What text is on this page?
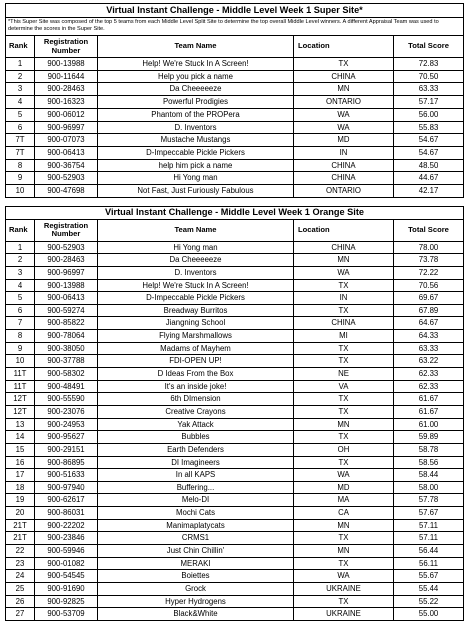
Virtual Instant Challenge - Middle Level Week 1 Super Site*				
*This Super Site was composed of the top 5 teams from each Middle Level Split Site to determine the top overall Middle Level winners. A different Appraisal Team was used to determine the scores in the Super Site.				
Rank	Registration Number	Team Name	Location	Total Score
1	900-13988	Help! We're Stuck In A Screen!	TX	72.83
2	900-11644	Help you pick a name	CHINA	70.50
3	900-28463	Da Cheeeeeze	MN	63.33
4	900-16323	Powerful Prodigies	ONTARIO	57.17
5	900-06012	Phantom of the PROPera	WA	56.00
6	900-96997	D. Inventors	WA	55.83
7T	900-07073	Mustache Mustangs	MD	54.67
7T	900-06413	D-Impeccable Pickle Pickers	IN	54.67
8	900-36754	help him pick a name	CHINA	48.50
9	900-52903	Hi Yong man	CHINA	44.67
10	900-47698	Not Fast, Just Furiously Fabulous	ONTARIO	42.17
Virtual Instant Challenge - Middle Level Week 1 Orange Site				
Rank	Registration Number	Team Name	Location	Total Score
1	900-52903	Hi Yong man	CHINA	78.00
2	900-28463	Da Cheeeeeze	MN	73.78
3	900-96997	D. Inventors	WA	72.22
4	900-13988	Help! We're Stuck In A Screen!	TX	70.56
5	900-06413	D-Impeccable Pickle Pickers	IN	69.67
6	900-59274	Breadway Burritos	TX	67.89
7	900-85822	Jiangning School	CHINA	64.67
8	900-78064	Flying Marshmallows	MI	64.33
9	900-38050	Madams of Mayhem	TX	63.33
10	900-37788	FDI-OPEN UP!	TX	63.22
11T	900-58302	D Ideas From the Box	NE	62.33
11T	900-48491	It's an inside joke!	VA	62.33
12T	900-55590	6th DImension	TX	61.67
12T	900-23076	Creative Crayons	TX	61.67
13	900-24953	Yak Attack	MN	61.00
14	900-95627	Bubbles	TX	59.89
15	900-29151	Earth Defenders	OH	58.78
16	900-86895	DI Imagineers	TX	58.56
17	900-51633	In all KAPS	WA	58.44
18	900-97940	Buffering...	MD	58.00
19	900-62617	Melo-DI	MA	57.78
20	900-86031	Mochi Cats	CA	57.67
21T	900-22202	Manimaplatycats	MN	57.11
21T	900-23846	CRMS1	TX	57.11
22	900-59946	Just Chin Chillin'	MN	56.44
23	900-01082	MERAKI	TX	56.11
24	900-54545	Boiettes	WA	55.67
25	900-91690	Grock	UKRAINE	55.44
26	900-92825	Hyper Hydrogens	TX	55.22
27	900-53709	Black&White	UKRAINE	55.00
